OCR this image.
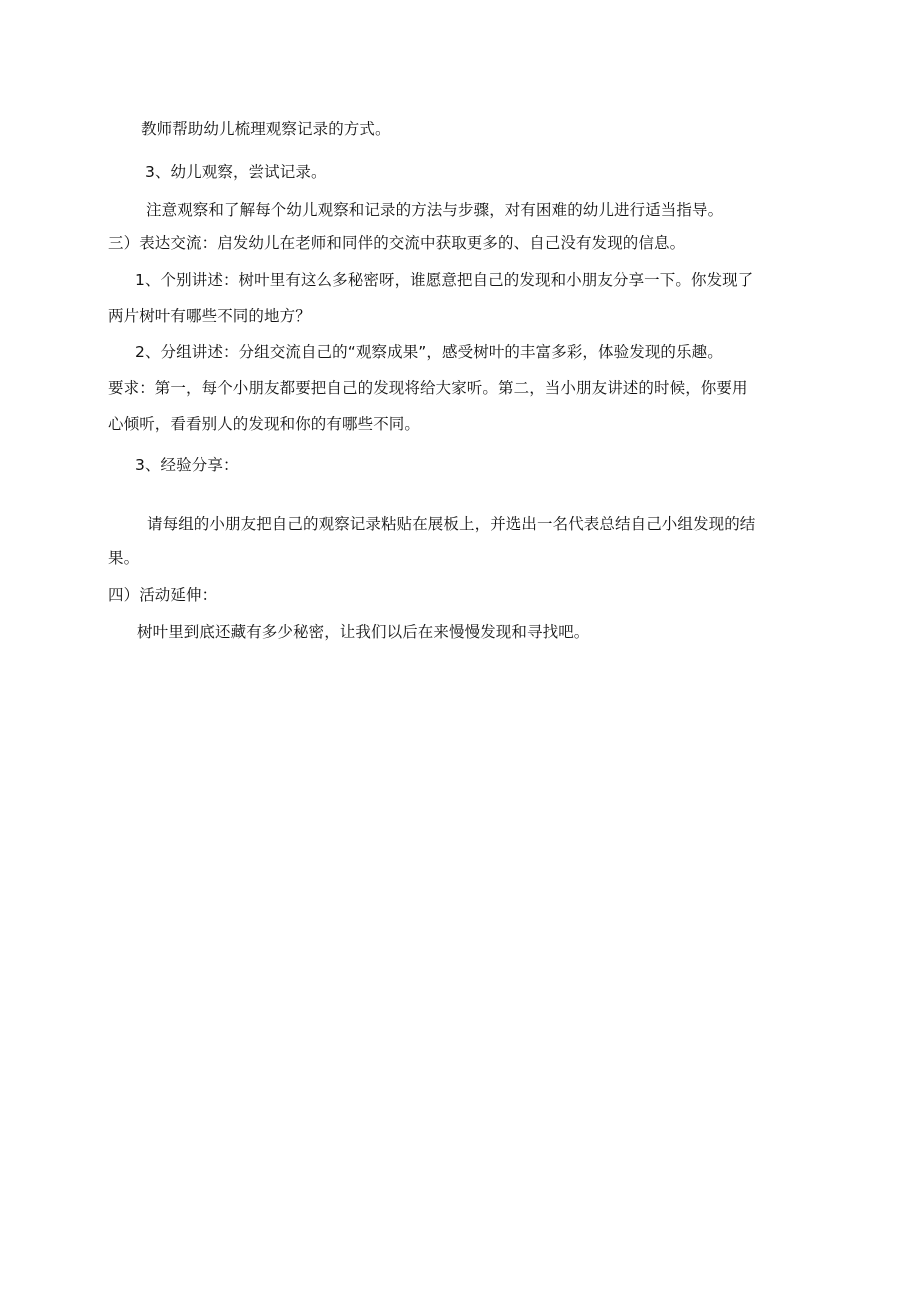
教师帮助幼儿梳理观察记录的方式。
3、幼儿观察，尝试记录。
注意观察和了解每个幼儿观察和记录的方法与步骤，对有困难的幼儿进行适当指导。
三）表达交流：启发幼儿在老师和同伴的交流中获取更多的、自己没有发现的信息。
1、个别讲述：树叶里有这么多秘密呀，谁愿意把自己的发现和小朋友分享一下。你发现了
两片树叶有哪些不同的地方？
2、分组讲述：分组交流自己的“观察成果”，感受树叶的丰富多彩，体验发现的乐趣。
要求：第一，每个小朋友都要把自己的发现将给大家听。第二，当小朋友讲述的时候，你要用
心倾听，看看别人的发现和你的有哪些不同。
3、经验分享：
请每组的小朋友把自己的观察记录粘贴在展板上，并选出一名代表总结自己小组发现的结
果。
四）活动延伸：
树叶里到底还藏有多少秘密，让我们以后在来慢慢发现和寻找吧。
